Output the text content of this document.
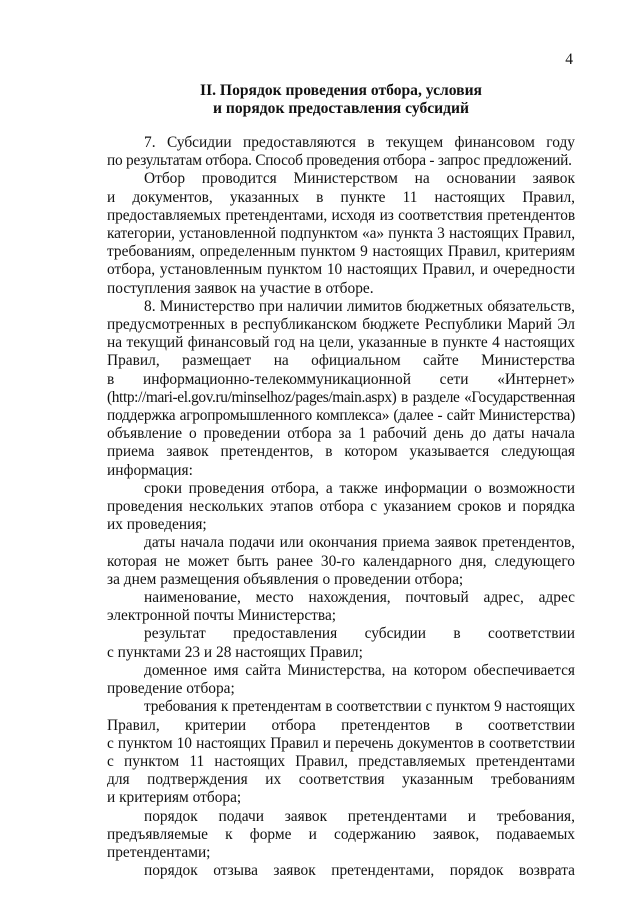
4
II. Порядок проведения отбора, условия
и порядок предоставления субсидий

7. Субсидии предоставляются в текущем финансовом году
по результатам отбора. Способ проведения отбора - запрос предложений.

Отбор проводится Министерством на основании заявок
и документов, указанных в пункте 11 настоящих Правил,
предоставляемых претендентами, исходя из соответствия претендентов
категории, установленной подпунктом «а» пункта 3 настоящих Правил,
требованиям, определенным пунктом 9 настоящих Правил, критериям
отбора, установленным пунктом 10 настоящих Правил, и очередности
поступления заявок на участие в отборе.

8. Министерство при наличии лимитов бюджетных обязательств,
предусмотренных в республиканском бюджете Республики Марий Эл
на текущий финансовый год на цели, указанные в пункте 4 настоящих
Правил, размещает на официальном сайте Министерства
в информационно-телекоммуникационной сети «Интернет»
(http://mari-el.gov.ru/minselhoz/pages/main.aspx) в разделе «Государственная
поддержка агропромышленного комплекса» (далее - сайт Министерства)
объявление о проведении отбора за 1 рабочий день до даты начала
приема заявок претендентов, в котором указывается следующая
информация:

сроки проведения отбора, а также информации о возможности
проведения нескольких этапов отбора с указанием сроков и порядка
их проведения;

даты начала подачи или окончания приема заявок претендентов,
которая не может быть ранее 30-го календарного дня, следующего
за днем размещения объявления о проведении отбора;

наименование, место нахождения, почтовый адрес, адрес
электронной почты Министерства;

результат предоставления субсидии в соответствии
с пунктами 23 и 28 настоящих Правил;

доменное имя сайта Министерства, на котором обеспечивается
проведение отбора;

требования к претендентам в соответствии с пунктом 9 настоящих
Правил, критерии отбора претендентов в соответствии
с пунктом 10 настоящих Правил и перечень документов в соответствии
с пунктом 11 настоящих Правил, представляемых претендентами
для подтверждения их соответствия указанным требованиям
и критериям отбора;

порядок подачи заявок претендентами и требования,
предъявляемые к форме и содержанию заявок, подаваемых
претендентами;

порядок отзыва заявок претендентами, порядок возврата
